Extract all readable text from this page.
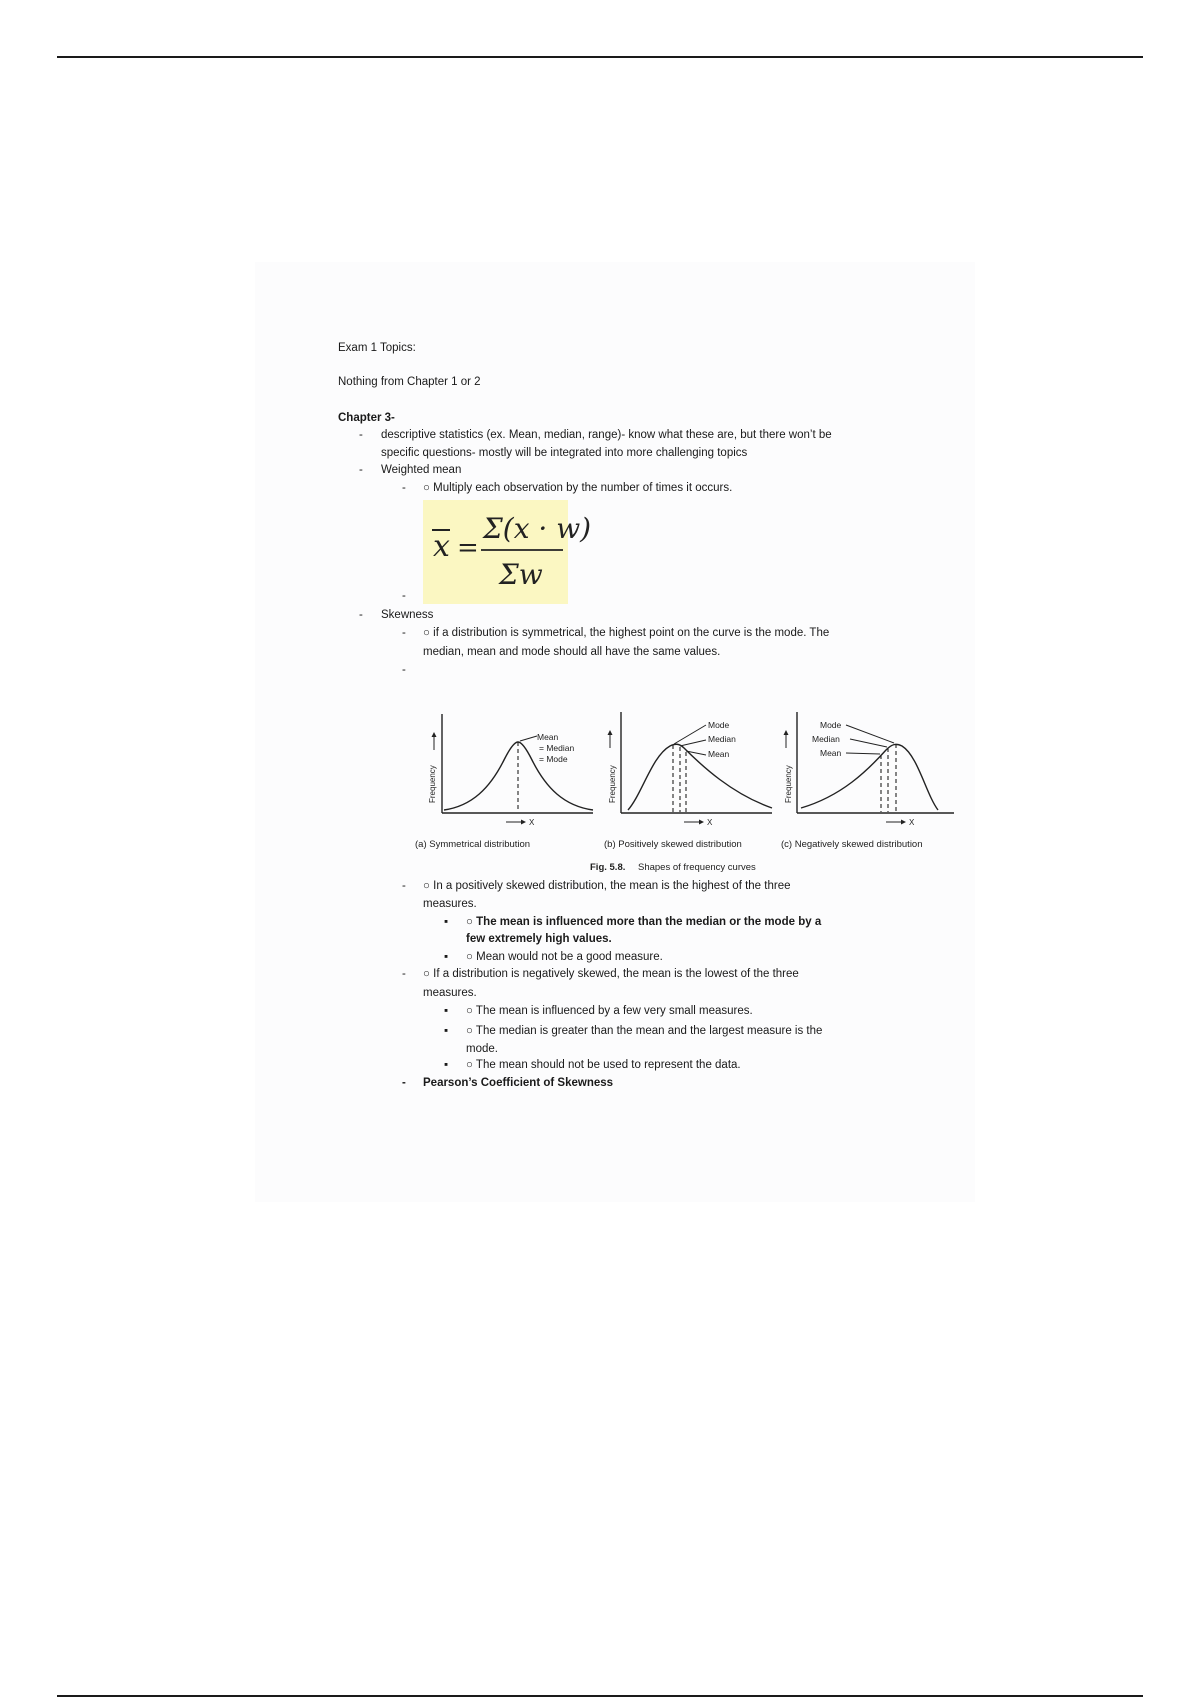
Exam 1 Topics:
Nothing from Chapter 1 or 2
Chapter 3-
- descriptive statistics (ex. Mean, median, range)- know what these are, but there won’t be
specific questions- mostly will be integrated into more challenging topics
- Weighted mean
- ○ Multiply each observation by the number of times it occurs.
x =
Σ(x · w)
Σw
-
- Skewness
- ○ if a distribution is symmetrical, the highest point on the curve is the mode. The
median, mean and mode should all have the same values.
-
Mean
= Median
= Mode
Frequency
X
(a) Symmetrical distribution
Mode
Median
Mean
Frequency
X
(b) Positively skewed distribution
Mode
Median
Mean
Frequency
X
(c) Negatively skewed distribution
Fig. 5.8. Shapes of frequency curves
- ○ In a positively skewed distribution, the mean is the highest of the three
measures.
▪ ○ The mean is influenced more than the median or the mode by a
few extremely high values.
▪ ○ Mean would not be a good measure.
- ○ If a distribution is negatively skewed, the mean is the lowest of the three
measures.
▪ ○ The mean is influenced by a few very small measures.
▪ ○ The median is greater than the mean and the largest measure is the
mode.
▪ ○ The mean should not be used to represent the data.
- Pearson’s Coefficient of Skewness
